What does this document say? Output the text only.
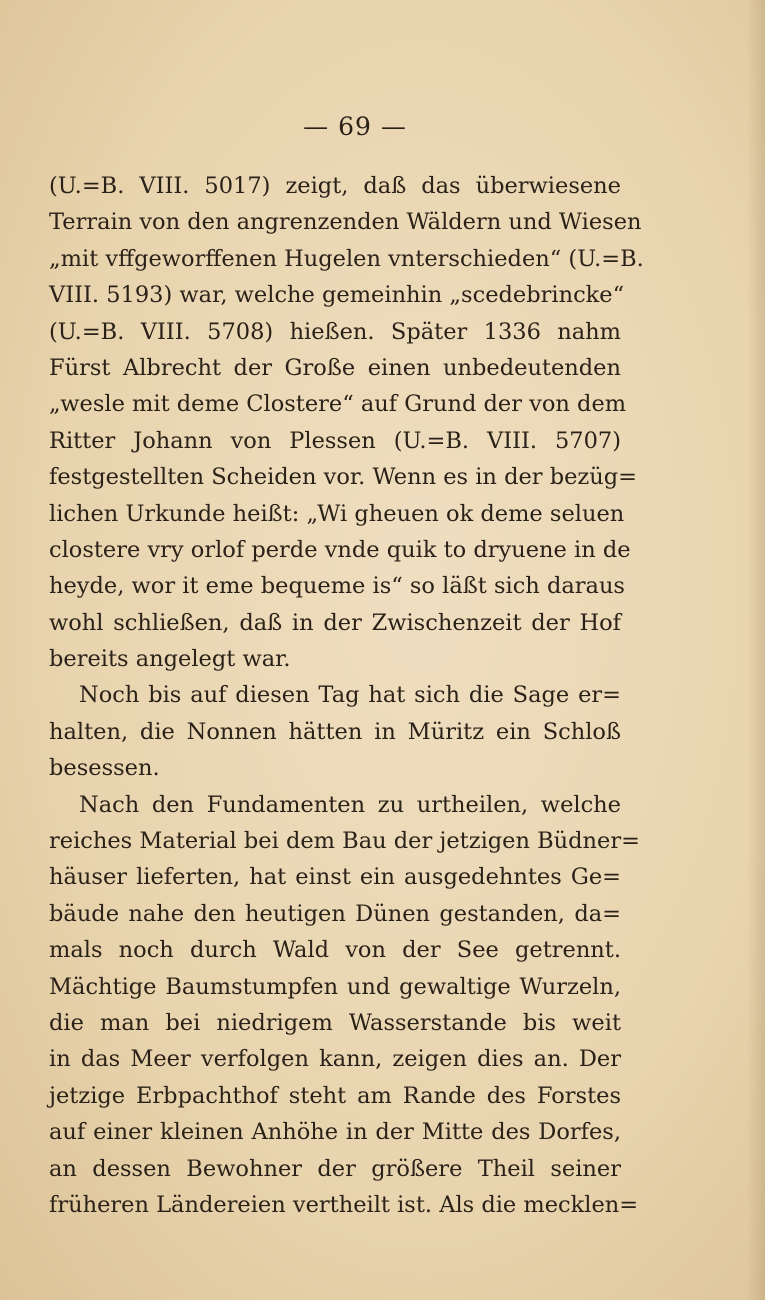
— 69 —
(U.=B. VIII. 5017) zeigt, daß das überwiesene
Terrain von den angrenzenden Wäldern und Wiesen
„mit vffgeworffenen Hugelen vnterschieden“ (U.=B.
VIII. 5193) war, welche gemeinhin „scedebrincke“
(U.=B. VIII. 5708) hießen. Später 1336 nahm
Fürst Albrecht der Große einen unbedeutenden
„wesle mit deme Clostere“ auf Grund der von dem
Ritter Johann von Plessen (U.=B. VIII. 5707)
festgestellten Scheiden vor. Wenn es in der bezüg=
lichen Urkunde heißt: „Wi gheuen ok deme seluen
clostere vry orlof perde vnde quik to dryuene in de
heyde, wor it eme bequeme is“ so läßt sich daraus
wohl schließen, daß in der Zwischenzeit der Hof
bereits angelegt war.
Noch bis auf diesen Tag hat sich die Sage er=
halten, die Nonnen hätten in Müritz ein Schloß
besessen.
Nach den Fundamenten zu urtheilen, welche
reiches Material bei dem Bau der jetzigen Büdner=
häuser lieferten, hat einst ein ausgedehntes Ge=
bäude nahe den heutigen Dünen gestanden, da=
mals noch durch Wald von der See getrennt.
Mächtige Baumstumpfen und gewaltige Wurzeln,
die man bei niedrigem Wasserstande bis weit
in das Meer verfolgen kann, zeigen dies an. Der
jetzige Erbpachthof steht am Rande des Forstes
auf einer kleinen Anhöhe in der Mitte des Dorfes,
an dessen Bewohner der größere Theil seiner
früheren Ländereien vertheilt ist. Als die mecklen=
